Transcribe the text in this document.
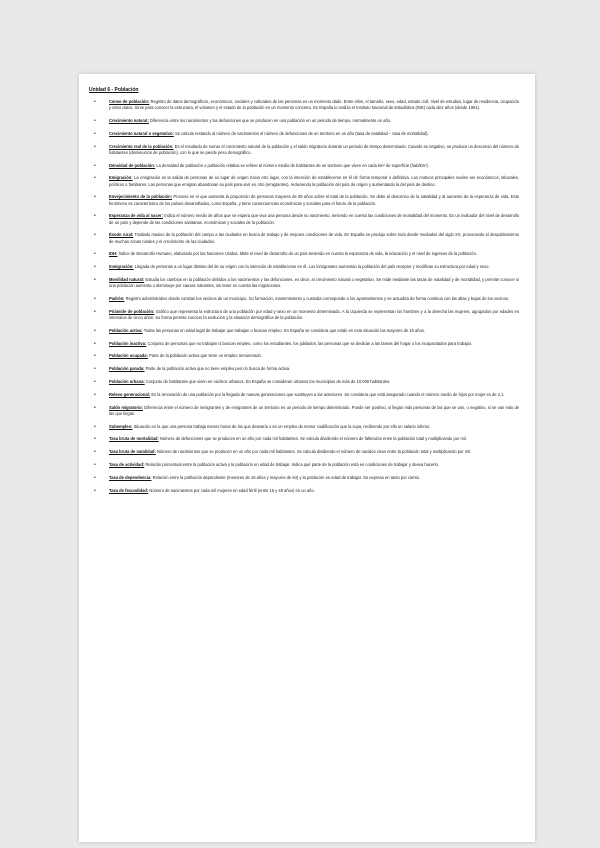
Unidad 6 - Población
•	Censo de población: Registro de datos demográficos, económicos, sociales y culturales de las personas en un momento dado. Entre ellos, el tamaño, sexo, edad, estado civil, nivel de estudios, lugar de residencia, ocupación y otros datos. Sirve para conocer la estructura, el volumen y el estado de la población en un momento concreto. En España lo realiza el Instituto Nacional de Estadística (INE) cada diez años (desde 1981).
•	Crecimiento natural: Diferencia entre los nacimientos y las defunciones que se producen en una población en un periodo de tiempo, normalmente un año.
•	Crecimiento natural o vegetativo: Se calcula restando al número de nacimientos el número de defunciones de un territorio en un año (tasa de natalidad − tasa de mortalidad).
•	Crecimiento real de la población: Es el resultado de sumar el crecimiento natural de la población y el saldo migratorio durante un periodo de tiempo determinado. Cuando es negativo, se produce un descenso del número de habitantes (disminución de población), con lo que se pierde peso demográfico.
•	Densidad de población: La densidad de población o población relativa se refiere al número medio de habitantes de un territorio que viven en cada km² de superficie (hab/km²).
•	Emigración: La emigración es la salida de personas de su lugar de origen hacia otro lugar, con la intención de establecerse en él de forma temporal o definitiva. Los motivos principales suelen ser económicos, laborales, políticos o familiares. Las personas que emigran abandonan su país para vivir en otro (emigrantes), reduciendo la población del país de origen y aumentando la del país de destino.
•	Envejecimiento de la población: Proceso en el que aumenta la proporción de personas mayores de 65 años sobre el total de la población. Se debe al descenso de la natalidad y al aumento de la esperanza de vida. Este fenómeno es característico de los países desarrollados, como España, y tiene consecuencias económicas y sociales para el futuro de la población.
•	Esperanza de vida al nacer: Indica el número medio de años que se espera que viva una persona desde su nacimiento, teniendo en cuenta las condiciones de mortalidad del momento. Es un indicador del nivel de desarrollo de un país y depende de las condiciones sanitarias, económicas y sociales de la población.
•	Éxodo rural: Traslado masivo de la población del campo a las ciudades en busca de trabajo y de mejores condiciones de vida. En España se produjo sobre todo desde mediados del siglo XX, provocando el despoblamiento de muchas zonas rurales y el crecimiento de las ciudades.
•	IDH: Índice de Desarrollo Humano, elaborado por las Naciones Unidas. Mide el nivel de desarrollo de un país teniendo en cuenta la esperanza de vida, la educación y el nivel de ingresos de la población.
•	Inmigración: Llegada de personas a un lugar distinto del de su origen con la intención de establecerse en él. Los inmigrantes aumentan la población del país receptor y modifican su estructura por edad y sexo.
•	Movilidad natural: Estudia los cambios en la población debidos a los nacimientos y las defunciones, es decir, al crecimiento natural o vegetativo. Se mide mediante las tasas de natalidad y de mortalidad, y permite conocer si una población aumenta o disminuye por causas naturales, sin tener en cuenta las migraciones.
•	Padrón: Registro administrativo donde constan los vecinos de un municipio. Su formación, mantenimiento y custodia corresponde a los ayuntamientos y se actualiza de forma continua con las altas y bajas de los vecinos.
•	Pirámide de población: Gráfico que representa la estructura de una población por edad y sexo en un momento determinado. A la izquierda se representan los hombres y a la derecha las mujeres, agrupados por edades en intervalos de cinco años. Su forma permite conocer la evolución y la situación demográfica de la población.
•	Población activa: Todas las personas en edad legal de trabajar que trabajan o buscan empleo. En España se considera que están en esta situación las mayores de 16 años.
•	Población inactiva: Conjunto de personas que no trabajan ni buscan empleo, como los estudiantes, los jubilados, las personas que se dedican a las tareas del hogar o los incapacitados para trabajar.
•	Población ocupada: Parte de la población activa que tiene un empleo remunerado.
•	Población parada: Parte de la población activa que no tiene empleo pero lo busca de forma activa.
•	Población urbana: Conjunto de habitantes que viven en núcleos urbanos. En España se consideran urbanos los municipios de más de 10.000 habitantes.
•	Relevo generacional: Es la renovación de una población por la llegada de nuevas generaciones que sustituyen a las anteriores. Se considera que está asegurado cuando el número medio de hijos por mujer es de 2,1.
•	Saldo migratorio: Diferencia entre el número de inmigrantes y de emigrantes de un territorio en un periodo de tiempo determinado. Puede ser positivo, si llegan más personas de las que se van, o negativo, si se van más de las que llegan.
•	Subempleo: Situación en la que una persona trabaja menos horas de las que desearía o en un empleo de menor cualificación que la suya, recibiendo por ello un salario inferior.
•	Tasa bruta de mortalidad: Número de defunciones que se producen en un año por cada mil habitantes. Se calcula dividiendo el número de fallecidos entre la población total y multiplicando por mil.
•	Tasa bruta de natalidad: Número de nacimientos que se producen en un año por cada mil habitantes. Se calcula dividiendo el número de nacidos vivos entre la población total y multiplicando por mil.
•	Tasa de actividad: Relación porcentual entre la población activa y la población en edad de trabajar. Indica qué parte de la población está en condiciones de trabajar y desea hacerlo.
•	Tasa de dependencia: Relación entre la población dependiente (menores de 16 años y mayores de 64) y la población en edad de trabajar. Se expresa en tanto por ciento.
•	Tasa de fecundidad: Número de nacimientos por cada mil mujeres en edad fértil (entre 15 y 49 años) en un año.
